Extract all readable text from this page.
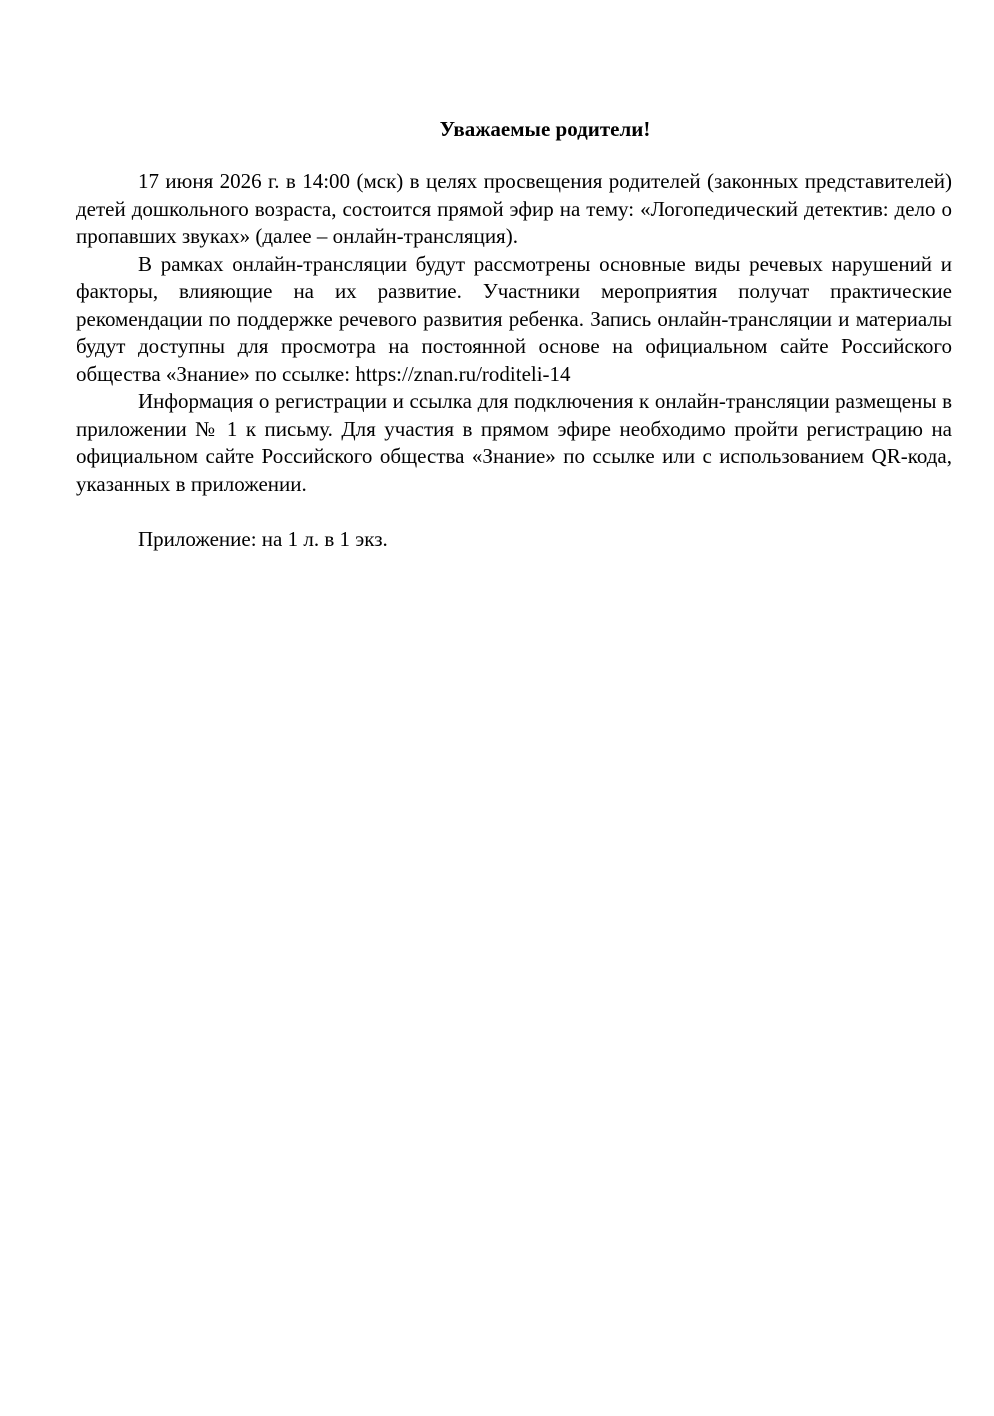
Уважаемые родители!

17 июня 2026 г. в 14:00 (мск) в целях просвещения родителей (законных представителей) детей дошкольного возраста, состоится прямой эфир на тему: «Логопедический детектив: дело о пропавших звуках» (далее – онлайн-трансляция).

В рамках онлайн-трансляции будут рассмотрены основные виды речевых нарушений и факторы, влияющие на их развитие. Участники мероприятия получат практические рекомендации по поддержке речевого развития ребенка. Запись онлайн-трансляции и материалы будут доступны для просмотра на постоянной основе на официальном сайте Российского общества «Знание» по ссылке: https://znan.ru/roditeli-14

Информация о регистрации и ссылка для подключения к онлайн-трансляции размещены в приложении № 1 к письму. Для участия в прямом эфире необходимо пройти регистрацию на официальном сайте Российского общества «Знание» по ссылке или с использованием QR-кода, указанных в приложении.

Приложение: на 1 л. в 1 экз.
